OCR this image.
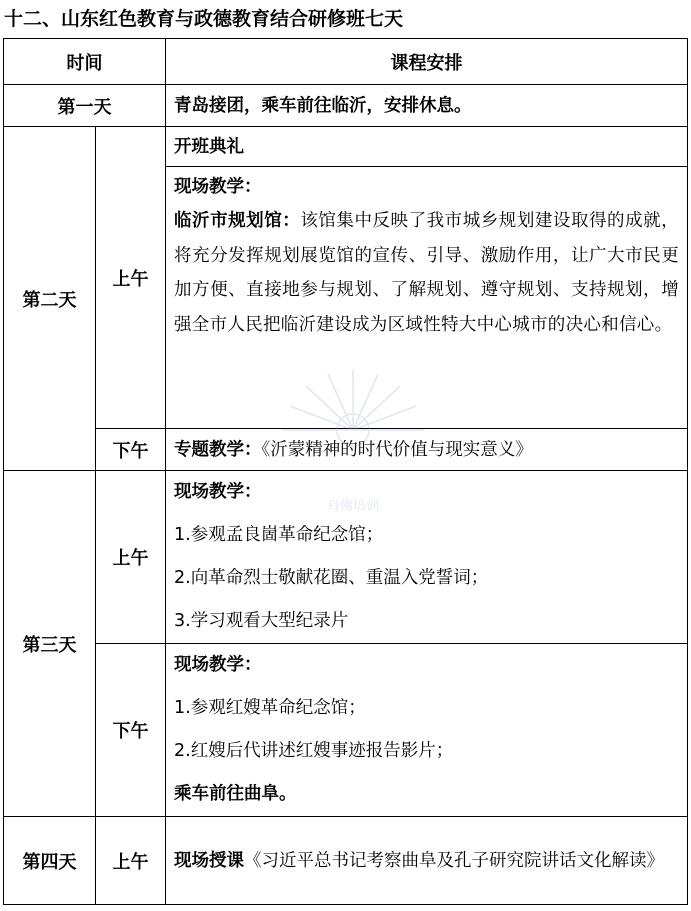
十二、山东红色教育与政德教育结合研修班七天
时间		课程安排
第一天		青岛接团，乘车前往临沂，安排休息。
第二天	上午	开班典礼

		现场教学：
临沂市规划馆：该馆集中反映了我市城乡规划建设取得的成就，将充分发挥规划展览馆的宣传、引导、激励作用，让广大市民更加方便、直接地参与规划、了解规划、遵守规划、支持规划，增强全市人民把临沂建设成为区域性特大中心城市的决心和信心。

	下午	专题教学：《沂蒙精神的时代价值与现实意义》
第三天	上午	现场教学：
1.参观孟良崮革命纪念馆；
2.向革命烈士敬献花圈、重温入党誓词；
3.学习观看大型纪录片

	下午	现场教学：
1.参观红嫂革命纪念馆；
2.红嫂后代讲述红嫂事迹报告影片；
乘车前往曲阜。

第四天	上午	现场授课《习近平总书记考察曲阜及孔子研究院讲话文化解读》
丹佛培训
